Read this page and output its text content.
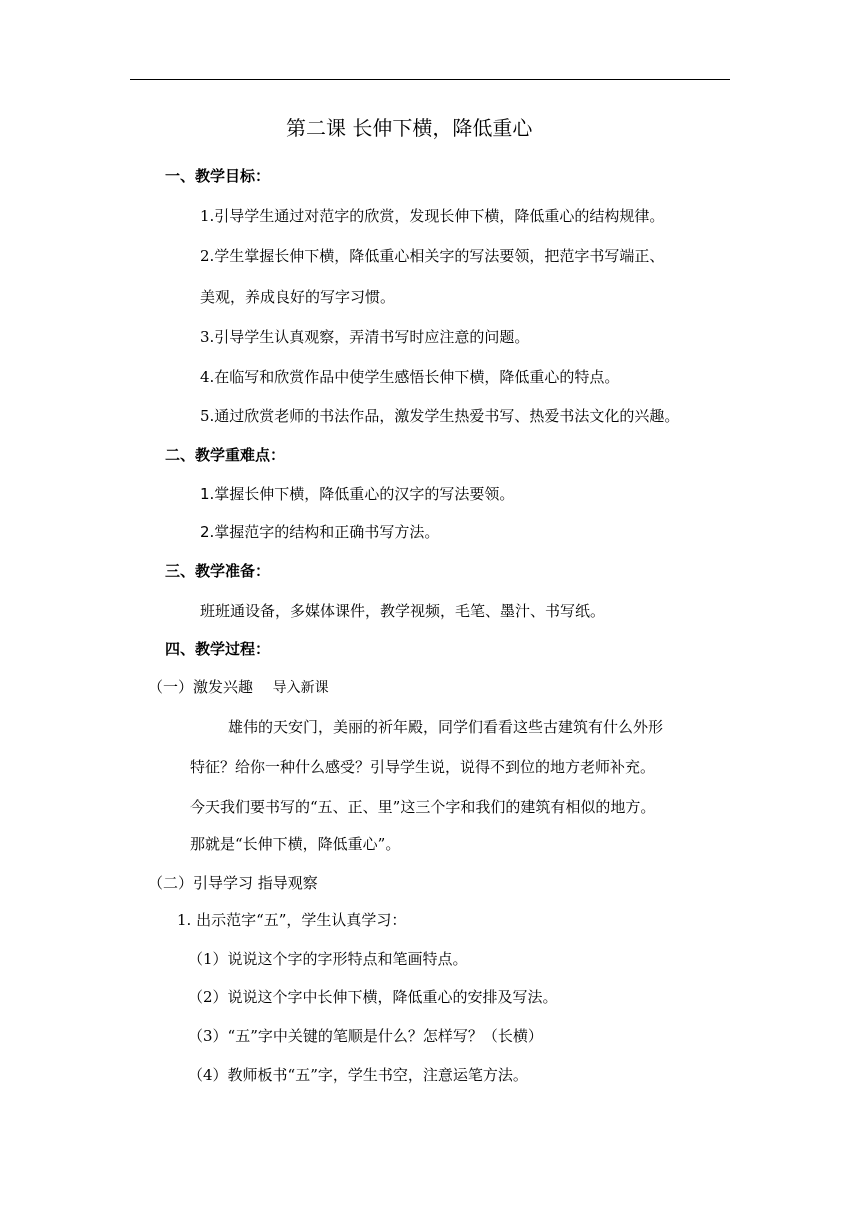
第二课 长伸下横，降低重心
一、教学目标：
1.引导学生通过对范字的欣赏，发现长伸下横，降低重心的结构规律。
2.学生掌握长伸下横，降低重心相关字的写法要领，把范字书写端正、
美观，养成良好的写字习惯。
3.引导学生认真观察，弄清书写时应注意的问题。
4.在临写和欣赏作品中使学生感悟长伸下横，降低重心的特点。
5.通过欣赏老师的书法作品，激发学生热爱书写、热爱书法文化的兴趣。
二、教学重难点：
1.掌握长伸下横，降低重心的汉字的写法要领。
2.掌握范字的结构和正确书写方法。
三、教学准备：
班班通设备，多媒体课件，教学视频，毛笔、墨汁、书写纸。
四、教学过程：
（一）激发兴趣 导入新课
雄伟的天安门，美丽的祈年殿，同学们看看这些古建筑有什么外形
特征？给你一种什么感受？引导学生说，说得不到位的地方老师补充。
今天我们要书写的“五、正、里”这三个字和我们的建筑有相似的地方。
那就是“长伸下横，降低重心”。
（二）引导学习 指导观察
1. 出示范字“五”，学生认真学习：
（1）说说这个字的字形特点和笔画特点。
（2）说说这个字中长伸下横，降低重心的安排及写法。
（3）“五”字中关键的笔顺是什么？怎样写？（长横）
（4）教师板书“五”字，学生书空，注意运笔方法。
